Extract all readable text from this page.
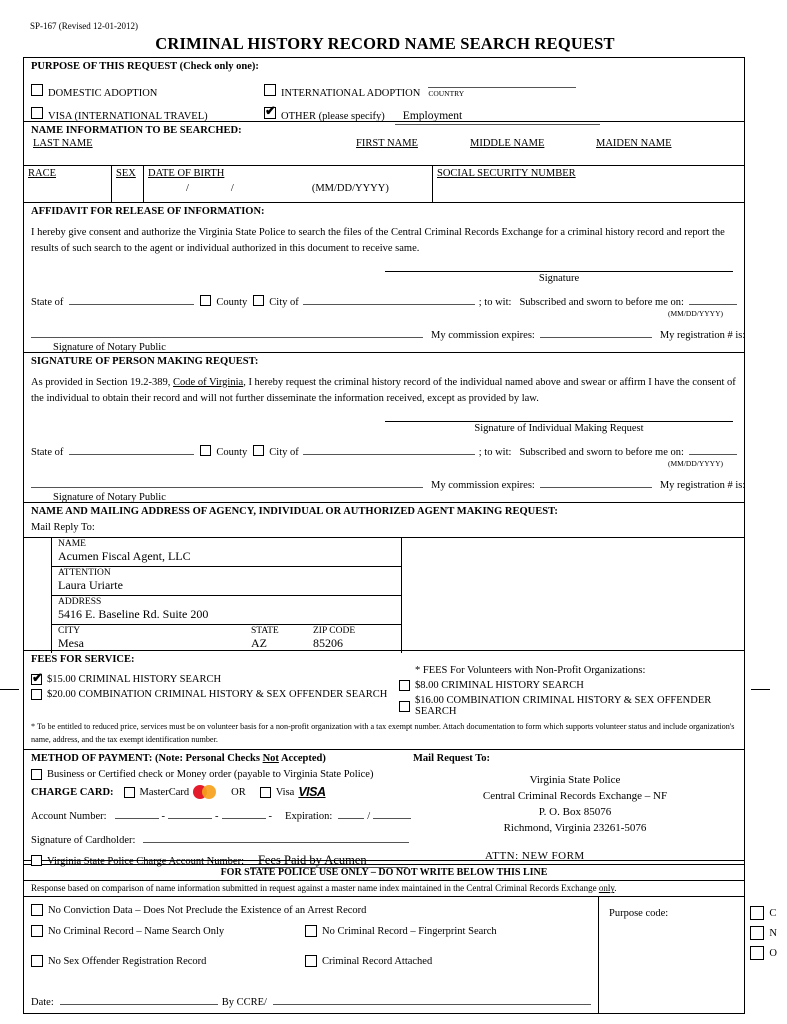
SP-167 (Revised 12-01-2012)
CRIMINAL HISTORY RECORD NAME SEARCH REQUEST
PURPOSE OF THIS REQUEST (Check only one):
DOMESTIC ADOPTION	INTERNATIONAL ADOPTION COUNTRY
VISA (INTERNATIONAL TRAVEL)	✔ OTHER (please specify)	Employment
NAME INFORMATION TO BE SEARCHED:
LAST NAME	FIRST NAME	MIDDLE NAME	MAIDEN NAME
RACE	SEX	DATE OF BIRTH
/	/	(MM/DD/YYYY)
SOCIAL SECURITY NUMBER
AFFIDAVIT FOR RELEASE OF INFORMATION:
I hereby give consent and authorize the Virginia State Police to search the files of the Central Criminal Records Exchange for a criminal history record and report the results of such search to the agent or individual authorized in this document to receive same.
Signature
State of	County City of	; to wit: Subscribed and sworn to before me on:
(MM/DD/YYYY)
My commission expires:	My registration # is:
Signature of Notary Public
SIGNATURE OF PERSON MAKING REQUEST:
As provided in Section 19.2-389, Code of Virginia, I hereby request the criminal history record of the individual named above and swear or affirm I have the consent of the individual to obtain their record and will not further disseminate the information received, except as provided by law.
Signature of Individual Making Request
State of	County City of	; to wit: Subscribed and sworn to before me on:
(MM/DD/YYYY)
My commission expires:	My registration # is:
Signature of Notary Public
NAME AND MAILING ADDRESS OF AGENCY, INDIVIDUAL OR AUTHORIZED AGENT MAKING REQUEST:
Mail Reply To:
NAME
Acumen Fiscal Agent, LLC
ATTENTION
Laura Uriarte
ADDRESS
5416 E. Baseline Rd. Suite 200
CITY
Mesa
STATE
AZ
ZIP CODE
85206
FEES FOR SERVICE:
✔ $15.00 CRIMINAL HISTORY SEARCH
$20.00 COMBINATION CRIMINAL HISTORY & SEX OFFENDER SEARCH
* FEES For Volunteers with Non-Profit Organizations:
$8.00 CRIMINAL HISTORY SEARCH
$16.00 COMBINATION CRIMINAL HISTORY & SEX OFFENDER SEARCH
* To be entitled to reduced price, services must be on volunteer basis for a non-profit organization with a tax exempt number. Attach documentation to form which supports volunteer status and include organization's name, address, and the tax exempt identification number.
METHOD OF PAYMENT: (Note: Personal Checks Not Accepted)
Business or Certified check or Money order (payable to Virginia State Police)
CHARGE CARD: MasterCard	OR	Visa VISA
Account Number:	-	-	- Expiration:	/
Signature of Cardholder:
Virginia State Police Charge Account Number:	Fees Paid by Acumen
Mail Request To:
Virginia State Police
Central Criminal Records Exchange – NF
P. O. Box 85076
Richmond, Virginia 23261-5076
ATTN: NEW FORM
FOR STATE POLICE USE ONLY – DO NOT WRITE BELOW THIS LINE
Response based on comparison of name information submitted in request against a master name index maintained in the Central Criminal Records Exchange only.
No Conviction Data – Does Not Preclude the Existence of an Arrest Record
No Criminal Record – Name Search Only	No Criminal Record – Fingerprint Search
No Sex Offender Registration Record	Criminal Record Attached
Date:	By CCRE/
Purpose code:	C
N
O
